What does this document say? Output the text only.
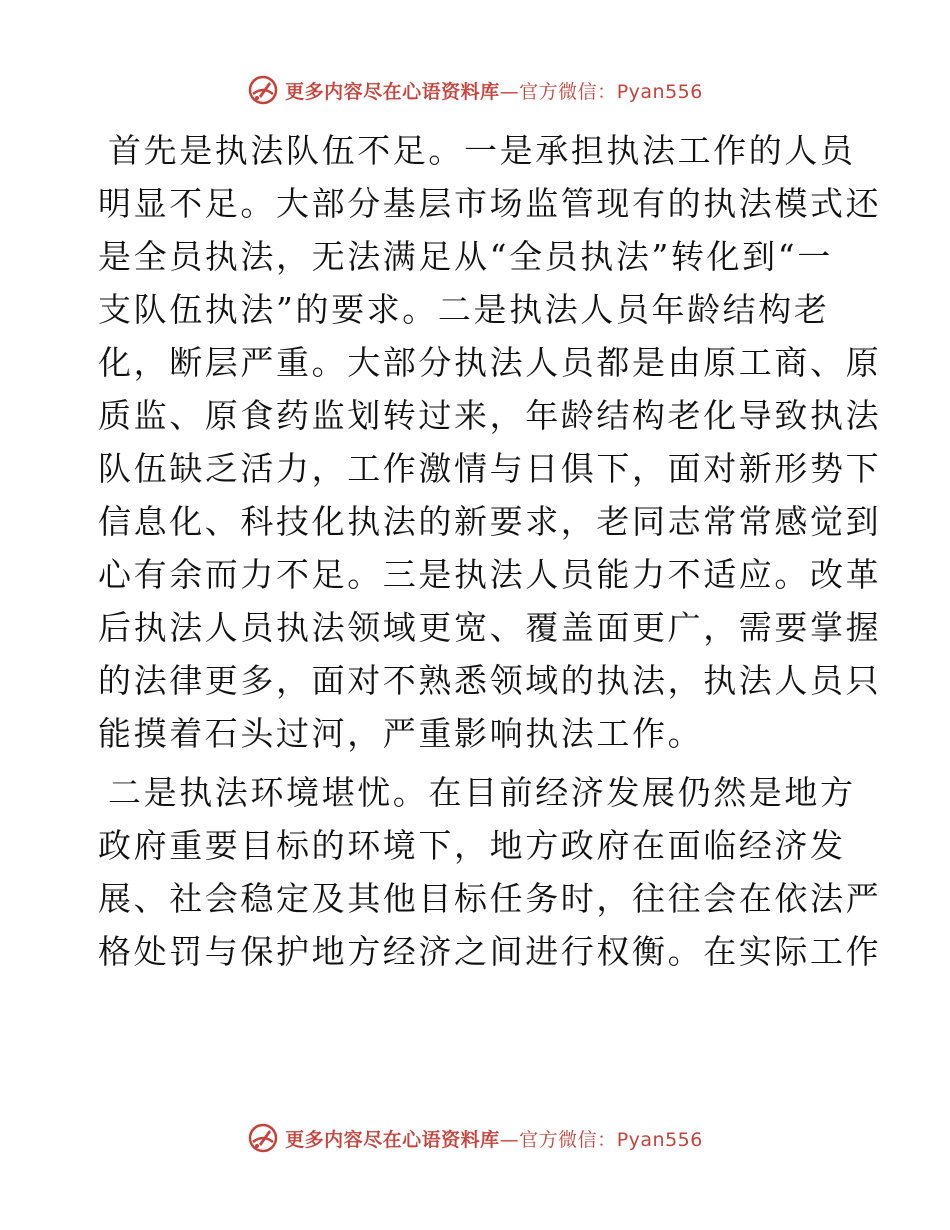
更多内容尽在心语资料库—官方微信：Pyan556
首先是执法队伍不足。一是承担执法工作的人员
明显不足。大部分基层市场监管现有的执法模式还
是全员执法，无法满足从“全员执法”转化到“一
支队伍执法”的要求。二是执法人员年龄结构老
化，断层严重。大部分执法人员都是由原工商、原
质监、原食药监划转过来，年龄结构老化导致执法
队伍缺乏活力，工作激情与日俱下，面对新形势下
信息化、科技化执法的新要求，老同志常常感觉到
心有余而力不足。三是执法人员能力不适应。改革
后执法人员执法领域更宽、覆盖面更广，需要掌握
的法律更多，面对不熟悉领域的执法，执法人员只
能摸着石头过河，严重影响执法工作。
二是执法环境堪忧。在目前经济发展仍然是地方
政府重要目标的环境下，地方政府在面临经济发
展、社会稳定及其他目标任务时，往往会在依法严
格处罚与保护地方经济之间进行权衡。在实际工作
更多内容尽在心语资料库—官方微信：Pyan556
